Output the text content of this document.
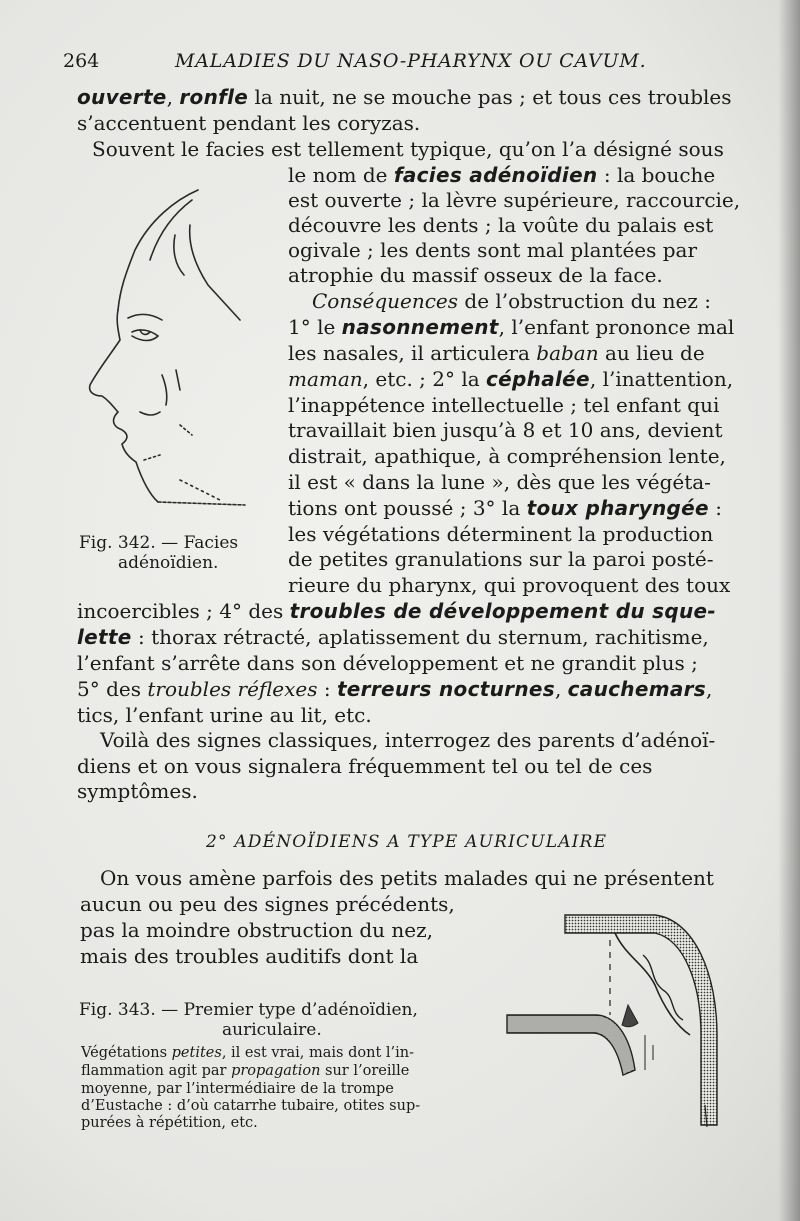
264	MALADIES DU NASO-PHARYNX OU CAVUM.
ouverte, ronfle la nuit, ne se mouche pas ; et tous ces troubles
s’accentuent pendant les coryzas.
Souvent le facies est tellement typique, qu’on l’a désigné sous
le nom de facies adénoïdien : la bouche
est ouverte ; la lèvre supérieure, raccourcie,
découvre les dents ; la voûte du palais est
ogivale ; les dents sont mal plantées par
atrophie du massif osseux de la face.
Conséquences de l’obstruction du nez :
1° le nasonnement, l’enfant prononce mal
les nasales, il articulera baban au lieu de
maman, etc. ; 2° la céphalée, l’inattention,
l’inappétence intellectuelle ; tel enfant qui
travaillait bien jusqu’à 8 et 10 ans, devient
distrait, apathique, à compréhension lente,
il est « dans la lune », dès que les végéta-
tions ont poussé ; 3° la toux pharyngée :
les végétations déterminent la production
de petites granulations sur la paroi posté-
rieure du pharynx, qui provoquent des toux
incoercibles ; 4° des troubles de développement du sque-
lette : thorax rétracté, aplatissement du sternum, rachitisme,
l’enfant s’arrête dans son développement et ne grandit plus ;
5° des troubles réflexes : terreurs nocturnes, cauchemars,
tics, l’enfant urine au lit, etc.
Voilà des signes classiques, interrogez des parents d’adénoï-
diens et on vous signalera fréquemment tel ou tel de ces
symptômes.
2° ADÉNOÏDIENS A TYPE AURICULAIRE
On vous amène parfois des petits malades qui ne présentent
aucun ou peu des signes précédents,
pas la moindre obstruction du nez,
mais des troubles auditifs dont la
Fig. 342. — Facies
adénoïdien.
Fig. 343. — Premier type d’adénoïdien,
auriculaire.
Végétations petites, il est vrai, mais dont l’in-
flammation agit par propagation sur l’oreille
moyenne, par l’intermédiaire de la trompe
d’Eustache : d’où catarrhe tubaire, otites sup-
purées à répétition, etc.
